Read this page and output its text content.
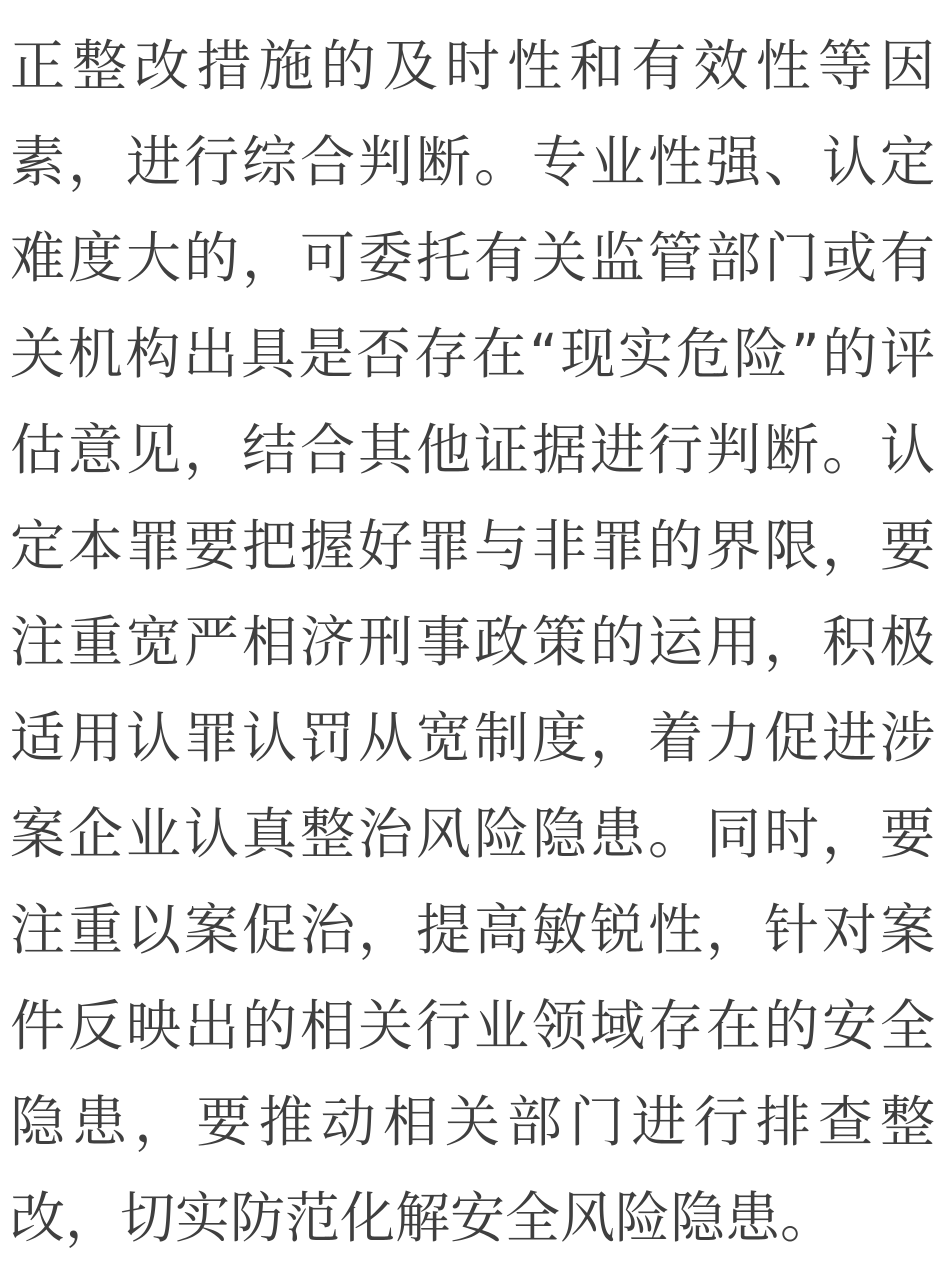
正整改措施的及时性和有效性等因素，进行综合判断。专业性强、认定难度大的，可委托有关监管部门或有关机构出具是否存在“现实危险”的评估意见，结合其他证据进行判断。认定本罪要把握好罪与非罪的界限，要注重宽严相济刑事政策的运用，积极适用认罪认罚从宽制度，着力促进涉案企业认真整治风险隐患。同时，要注重以案促治，提高敏锐性，针对案件反映出的相关行业领域存在的安全隐患，要推动相关部门进行排查整改，切实防范化解安全风险隐患。
